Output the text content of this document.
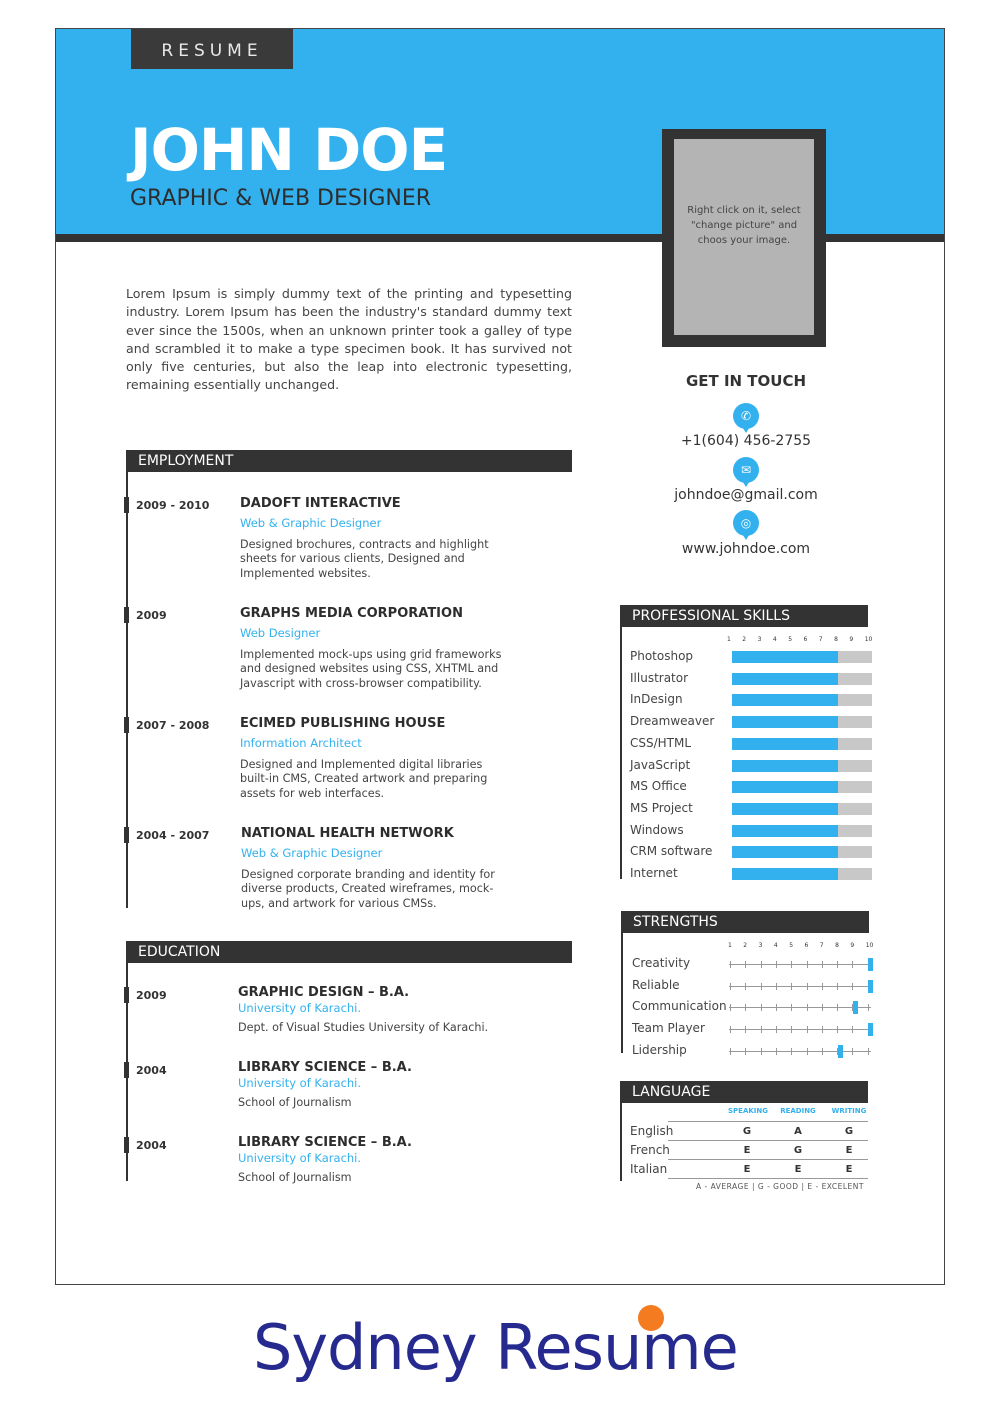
RESUME
JOHN DOE
GRAPHIC & WEB DESIGNER	Right click on it, select "change picture" and choos your image.

Lorem Ipsum is simply dummy text of the printing and typesetting industry. Lorem Ipsum has been the industry's standard dummy text ever since the 1500s, when an unknown printer took a galley of type and scrambled it to make a type specimen book. It has survived not only five centuries, but also the leap into electronic typesetting, remaining essentially unchanged.

EMPLOYMENT
2009 - 2010 DADOFT INTERACTIVE
Web & Graphic Designer

Designed brochures, contracts and highlight sheets for various clients, Designed and Implemented websites.

2009	GRAPHS MEDIA CORPORATION
Web Designer

Implemented mock-ups using grid frameworks and designed websites using CSS, XHTML and Javascript with cross-browser compatibility.

2007 - 2008 ECIMED PUBLISHING HOUSE
Information Architect

Designed and Implemented digital libraries built-in CMS, Created artwork and preparing assets for web interfaces.

2004 - 2007 NATIONAL HEALTH NETWORK
Web & Graphic Designer

Designed corporate branding and identity for diverse products, Created wireframes, mock-ups, and artwork for various CMSs.

EDUCATION
2009	GRAPHIC DESIGN – B.A.
University of Karachi.

Dept. of Visual Studies University of Karachi.

2004	LIBRARY SCIENCE – B.A.
University of Karachi.

School of Journalism

2004	LIBRARY SCIENCE – B.A.
University of Karachi.

School of Journalism

GET IN TOUCH
✆
+1(604) 456-2755
✉
johndoe@gmail.com
◎
www.johndoe.com
PROFESSIONAL SKILLS
1 2 3 4 5 6 7 8 9 10
Photoshop
Illustrator
InDesign
Dreamweaver
CSS/HTML
JavaScript
MS Office
MS Project
Windows
CRM software
Internet
STRENGTHS
1 2 3 4 5 6 7 8 9 10
Creativity
Reliable
Communication
Team Player
Lidership
LANGUAGE
SPEAKING	READING	WRITING
English	G	A	G
French	E	G	E
Italian	E	E	E
A - AVERAGE | G - GOOD | E - EXCELENT
Sydney Resume
